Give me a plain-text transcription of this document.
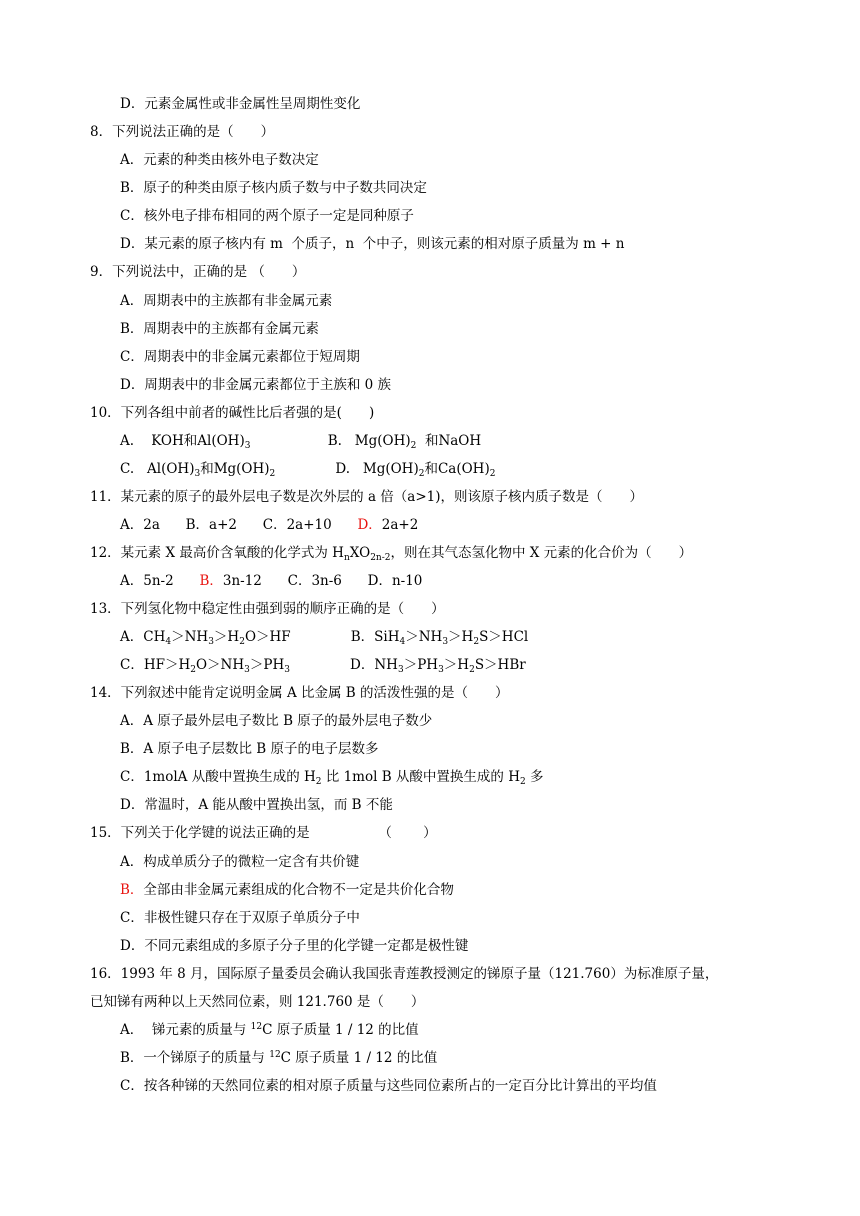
D．元素金属性或非金属性呈周期性变化
8．下列说法正确的是（　　）
A．元素的种类由核外电子数决定
B．原子的种类由原子核内质子数与中子数共同决定
C．核外电子排布相同的两个原子一定是同种原子
D．某元素的原子核内有 m  个质子，n  个中子，则该元素的相对原子质量为 m + n
9．下列说法中，正确的是 （　　）
A．周期表中的主族都有非金属元素
B．周期表中的主族都有金属元素
C．周期表中的非金属元素都位于短周期
D．周期表中的非金属元素都位于主族和 0 族
10．下列各组中前者的碱性比后者强的是(　　)
A.    KOH和$Al(OH)_3$                  B.   $Mg(OH)_2$  和NaOH
C.   $Al(OH)_3$和$Mg(OH)_2$              D.   $Mg(OH)_2$和$Ca(OH)_2$
11．某元素的原子的最外层电子数是次外层的 a 倍（a>1)，则该原子核内质子数是（　　）
A．2a      B．a+2      C．2a+10      D．2a+2
12．某元素 X 最高价含氧酸的化学式为 $H_nXO_{2n-2}$，则在其气态氢化物中 X 元素的化合价为（　　）
A．5n-2      B．3n-12      C．3n-6      D．n-10
13．下列氢化物中稳定性由强到弱的顺序正确的是（　　）
A．$CH_4>NH_3>H_2O>HF$              B．$SiH_4>NH_3>H_2S>HCl$
C．$HF>H_2O>NH_3>PH_3$              D．$NH_3>PH_3>H_2S>HBr$
14．下列叙述中能肯定说明金属 A 比金属 B 的活泼性强的是（　　）
A．A 原子最外层电子数比 B 原子的最外层电子数少
B．A 原子电子层数比 B 原子的电子层数多
C．1molA 从酸中置换生成的 $H_2$ 比 1mol B 从酸中置换生成的 $H_2$ 多
D．常温时，A 能从酸中置换出氢，而 B 不能
15．下列关于化学键的说法正确的是                （　　 ）
A．构成单质分子的微粒一定含有共价键
B．全部由非金属元素组成的化合物不一定是共价化合物
C．非极性键只存在于双原子单质分子中
D．不同元素组成的多原子分子里的化学键一定都是极性键
16．1993 年 8 月，国际原子量委员会确认我国张青莲教授测定的锑原子量（121.760）为标准原子量，
已知锑有两种以上天然同位素，则 121.760 是（　　）
A．  锑元素的质量与 $^{12}$C 原子质量 1 / 12 的比值
B．一个锑原子的质量与 $^{12}$C 原子质量 1 / 12 的比值
C．按各种锑的天然同位素的相对原子质量与这些同位素所占的一定百分比计算出的平均值
